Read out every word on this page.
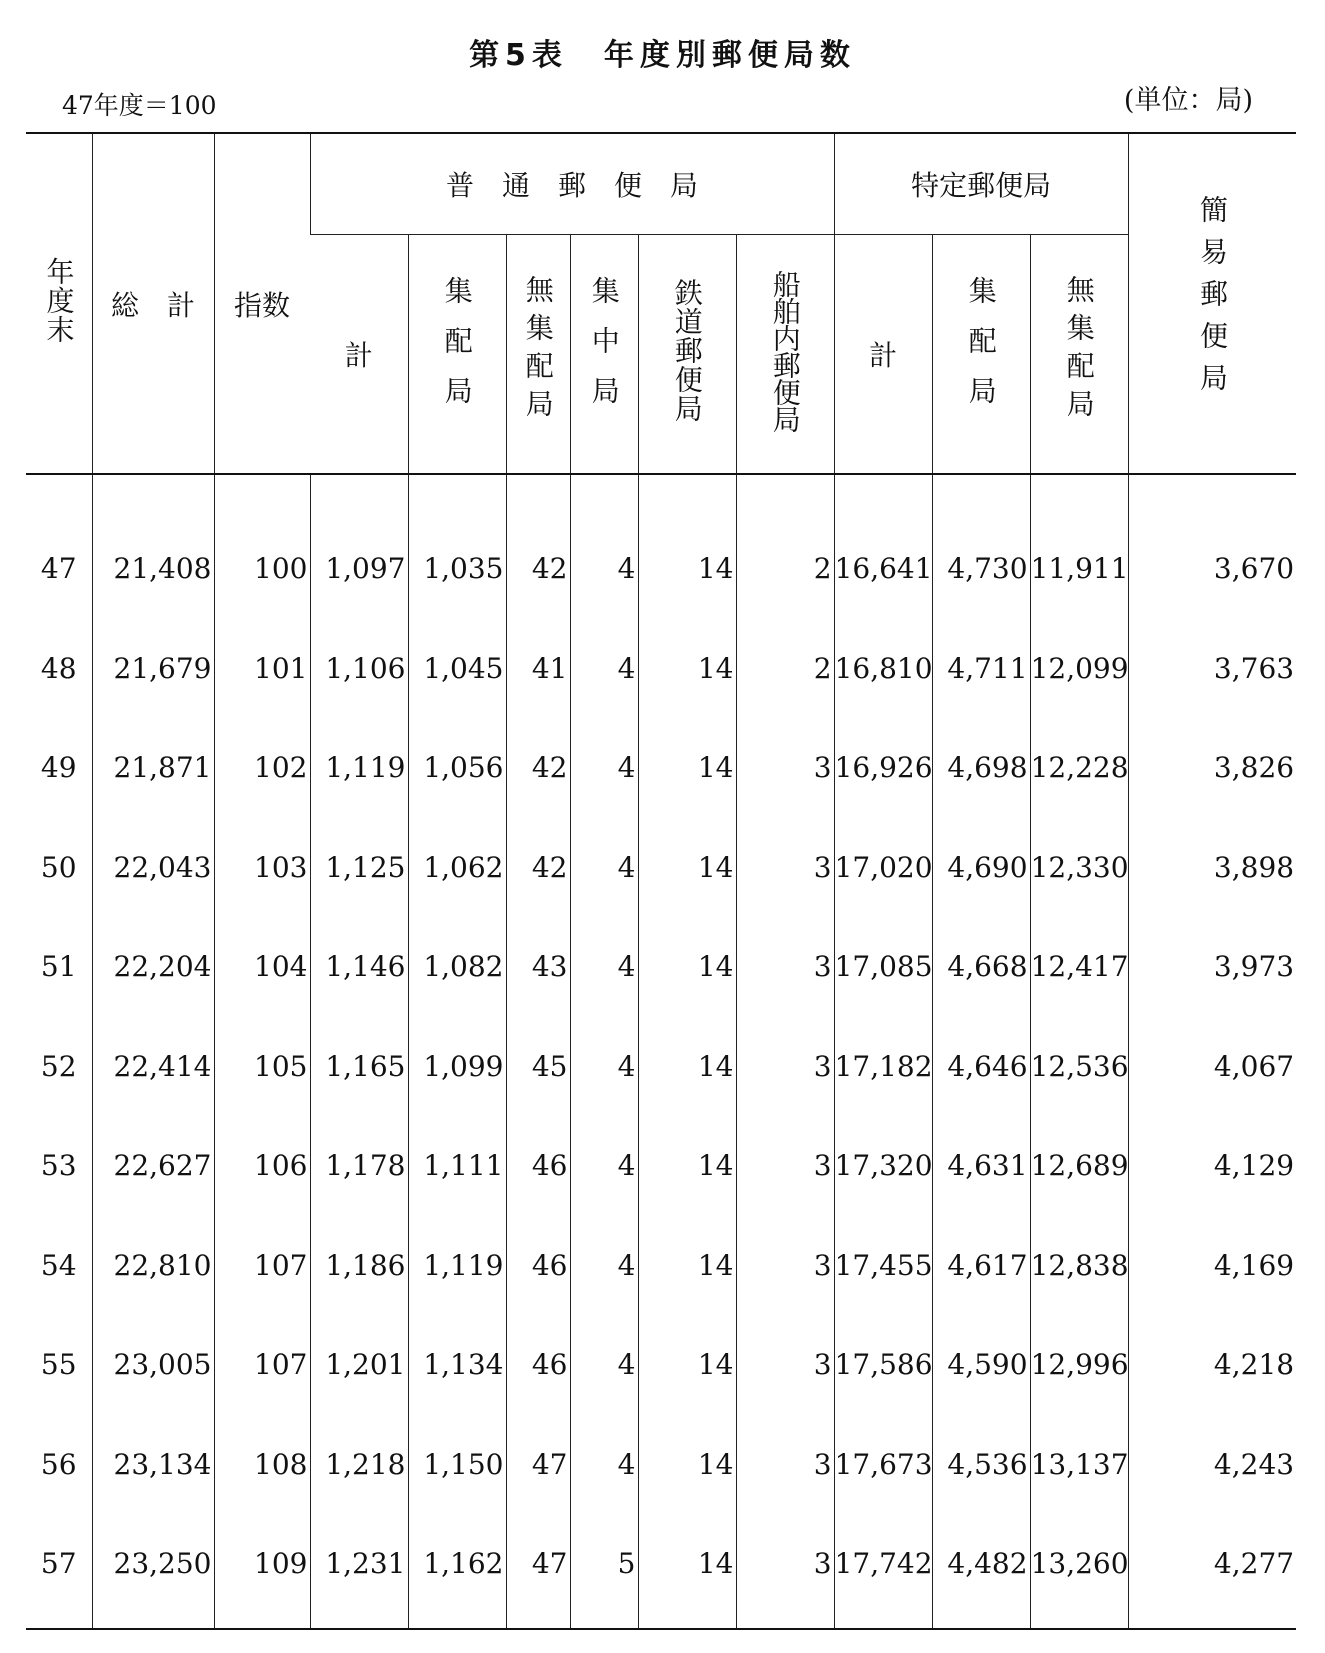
第5表　年度別郵便局数
47年度＝100	(単位：局)
年度末	総　計	指数	普　通　郵　便　局						特定郵便局			簡易郵便局
			計	集配局	無集配局	集中局	鉄道郵便局	船舶内郵便局	計	集配局	無集配局	
47	21,408	100	1,097	1,035	42	4	14	2	16,641	4,730	11,911	3,670
48	21,679	101	1,106	1,045	41	4	14	2	16,810	4,711	12,099	3,763
49	21,871	102	1,119	1,056	42	4	14	3	16,926	4,698	12,228	3,826
50	22,043	103	1,125	1,062	42	4	14	3	17,020	4,690	12,330	3,898
51	22,204	104	1,146	1,082	43	4	14	3	17,085	4,668	12,417	3,973
52	22,414	105	1,165	1,099	45	4	14	3	17,182	4,646	12,536	4,067
53	22,627	106	1,178	1,111	46	4	14	3	17,320	4,631	12,689	4,129
54	22,810	107	1,186	1,119	46	4	14	3	17,455	4,617	12,838	4,169
55	23,005	107	1,201	1,134	46	4	14	3	17,586	4,590	12,996	4,218
56	23,134	108	1,218	1,150	47	4	14	3	17,673	4,536	13,137	4,243
57	23,250	109	1,231	1,162	47	5	14	3	17,742	4,482	13,260	4,277
